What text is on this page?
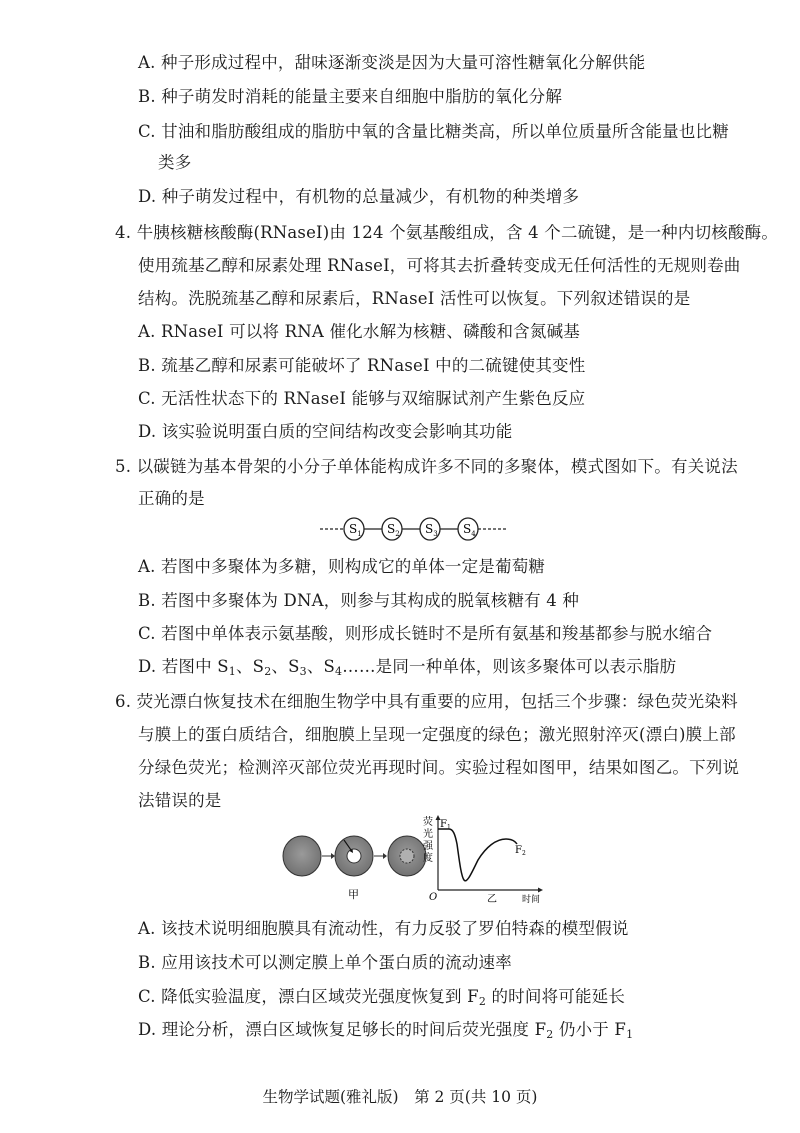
A. 种子形成过程中，甜味逐渐变淡是因为大量可溶性糖氧化分解供能
B. 种子萌发时消耗的能量主要来自细胞中脂肪的氧化分解
C. 甘油和脂肪酸组成的脂肪中氧的含量比糖类高，所以单位质量所含能量也比糖
类多
D. 种子萌发过程中，有机物的总量减少，有机物的种类增多
4. 牛胰核糖核酸酶(RNaseI)由 124 个氨基酸组成，含 4 个二硫键，是一种内切核酸酶。
使用巯基乙醇和尿素处理 RNaseI，可将其去折叠转变成无任何活性的无规则卷曲
结构。洗脱巯基乙醇和尿素后，RNaseI 活性可以恢复。下列叙述错误的是
A. RNaseI 可以将 RNA 催化水解为核糖、磷酸和含氮碱基
B. 巯基乙醇和尿素可能破坏了 RNaseI 中的二硫键使其变性
C. 无活性状态下的 RNaseI 能够与双缩脲试剂产生紫色反应
D. 该实验说明蛋白质的空间结构改变会影响其功能
5. 以碳链为基本骨架的小分子单体能构成许多不同的多聚体，模式图如下。有关说法
正确的是
$S_1$ $S_2$ $S_3$ $S_4$
A. 若图中多聚体为多糖，则构成它的单体一定是葡萄糖
B. 若图中多聚体为 DNA，则参与其构成的脱氧核糖有 4 种
C. 若图中单体表示氨基酸，则形成长链时不是所有氨基和羧基都参与脱水缩合
D. 若图中 $S_1$、$S_2$、$S_3$、$S_4\dots\dots$是同一种单体，则该多聚体可以表示脂肪
6. 荧光漂白恢复技术在细胞生物学中具有重要的应用，包括三个步骤：绿色荧光染料
与膜上的蛋白质结合，细胞膜上呈现一定强度的绿色；激光照射淬灭(漂白)膜上部
分绿色荧光；检测淬灭部位荧光再现时间。实验过程如图甲，结果如图乙。下列说
法错误的是
甲
荧
光
强
度
O
$F_1$
$F_2$
乙	时间
A. 该技术说明细胞膜具有流动性，有力反驳了罗伯特森的模型假说
B. 应用该技术可以测定膜上单个蛋白质的流动速率
C. 降低实验温度，漂白区域荧光强度恢复到 $F_2$ 的时间将可能延长
D. 理论分析，漂白区域恢复足够长的时间后荧光强度 $F_2$ 仍小于 $F_1$
生物学试题(雅礼版)　第 2 页(共 10 页)
